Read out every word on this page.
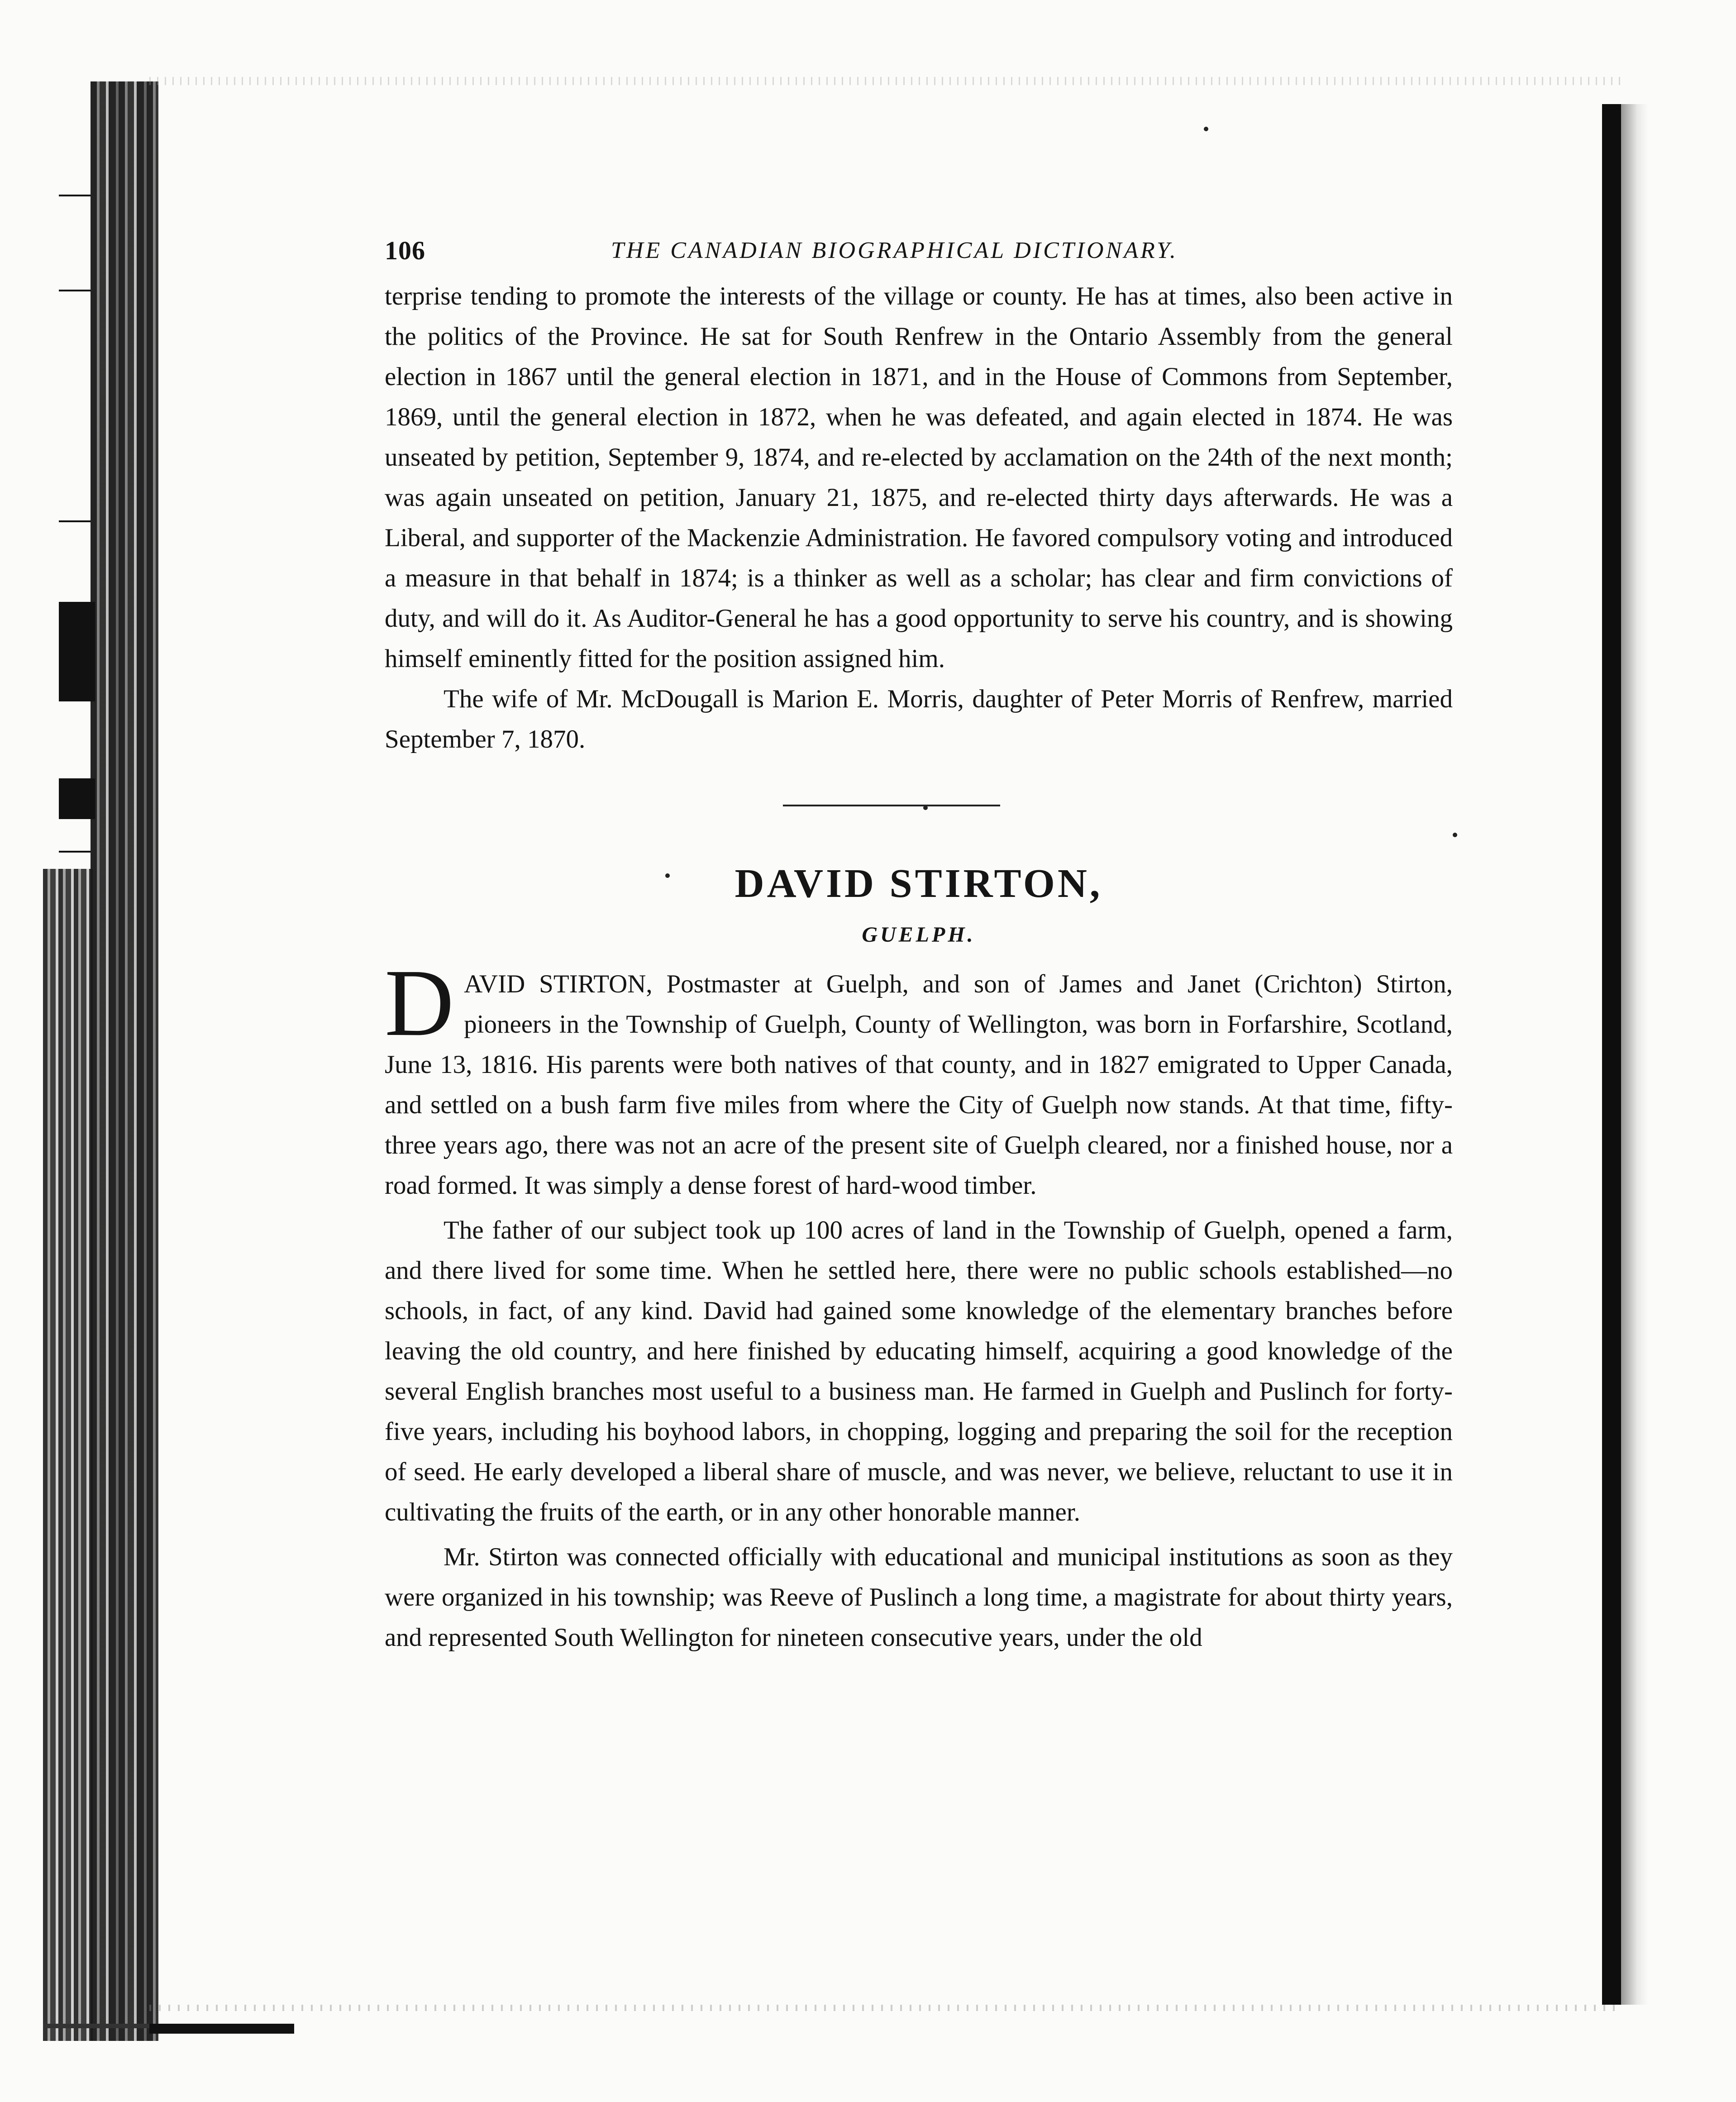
106	THE CANADIAN BIOGRAPHICAL DICTIONARY.

terprise tending to promote the interests of the village or county. He has at times, also been active in the politics of the Province. He sat for South Renfrew in the Ontario Assembly from the general election in 1867 until the general election in 1871, and in the House of Commons from September, 1869, until the general election in 1872, when he was defeated, and again elected in 1874. He was unseated by petition, September 9, 1874, and re-elected by acclamation on the 24th of the next month; was again unseated on petition, January 21, 1875, and re-elected thirty days afterwards. He was a Liberal, and supporter of the Mackenzie Administration. He favored compulsory voting and introduced a measure in that behalf in 1874; is a thinker as well as a scholar; has clear and firm convictions of duty, and will do it. As Auditor-General he has a good opportunity to serve his country, and is showing himself eminently fitted for the position assigned him.

The wife of Mr. McDougall is Marion E. Morris, daughter of Peter Morris of Renfrew, married September 7, 1870.

DAVID STIRTON,
GUELPH.

DAVID STIRTON, Postmaster at Guelph, and son of James and Janet (Crichton) Stirton, pioneers in the Township of Guelph, County of Wellington, was born in Forfarshire, Scotland, June 13, 1816. His parents were both natives of that county, and in 1827 emigrated to Upper Canada, and settled on a bush farm five miles from where the City of Guelph now stands. At that time, fifty-three years ago, there was not an acre of the present site of Guelph cleared, nor a finished house, nor a road formed. It was simply a dense forest of hard-wood timber.

The father of our subject took up 100 acres of land in the Township of Guelph, opened a farm, and there lived for some time. When he settled here, there were no public schools established—no schools, in fact, of any kind. David had gained some knowledge of the elementary branches before leaving the old country, and here finished by educating himself, acquiring a good knowledge of the several English branches most useful to a business man. He farmed in Guelph and Puslinch for forty-five years, including his boyhood labors, in chopping, logging and preparing the soil for the reception of seed. He early developed a liberal share of muscle, and was never, we believe, reluctant to use it in cultivating the fruits of the earth, or in any other honorable manner.

Mr. Stirton was connected officially with educational and municipal institutions as soon as they were organized in his township; was Reeve of Puslinch a long time, a magistrate for about thirty years, and represented South Wellington for nineteen consecutive years, under the old
